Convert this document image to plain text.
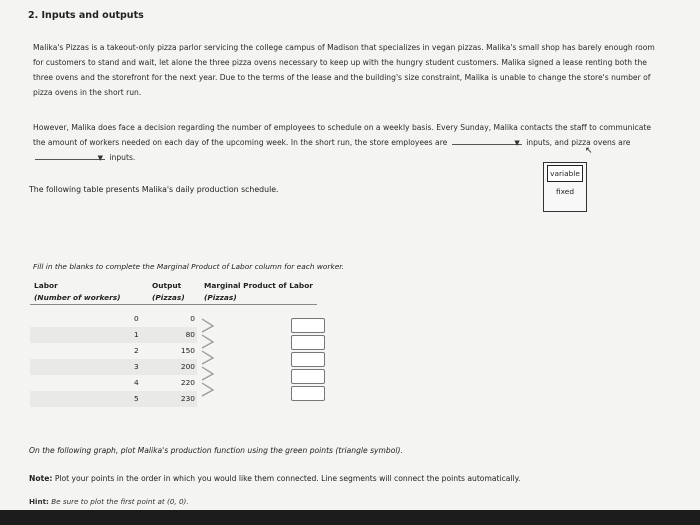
2. Inputs and outputs
Malika's Pizzas is a takeout-only pizza parlor servicing the college campus of Madison that specializes in vegan pizzas. Malika's small shop has barely enough room for customers to stand and wait, let alone the three pizza ovens necessary to keep up with the hungry student customers. Malika signed a lease renting both the three ovens and the storefront for the next year. Due to the terms of the lease and the building's size constraint, Malika is unable to change the store's number of pizza ovens in the short run.
However, Malika does face a decision regarding the number of employees to schedule on a weekly basis. Every Sunday, Malika contacts the staff to communicate the amount of workers needed on each day of the upcoming week. In the short run, the store employees are	▼ inputs, and pizza ovens are
▼ inputs.
variable
fixed
↖
The following table presents Malika's daily production schedule.
Fill in the blanks to complete the Marginal Product of Labor column for each worker.
Labor	Output	Marginal Product of Labor
(Number of workers)	(Pizzas)	(Pizzas)
0	0
1	80
2	150
3	200
4	220
5	230
On the following graph, plot Malika's production function using the green points (triangle symbol).
Note: Plot your points in the order in which you would like them connected. Line segments will connect the points automatically.
Hint: Be sure to plot the first point at (0, 0).
